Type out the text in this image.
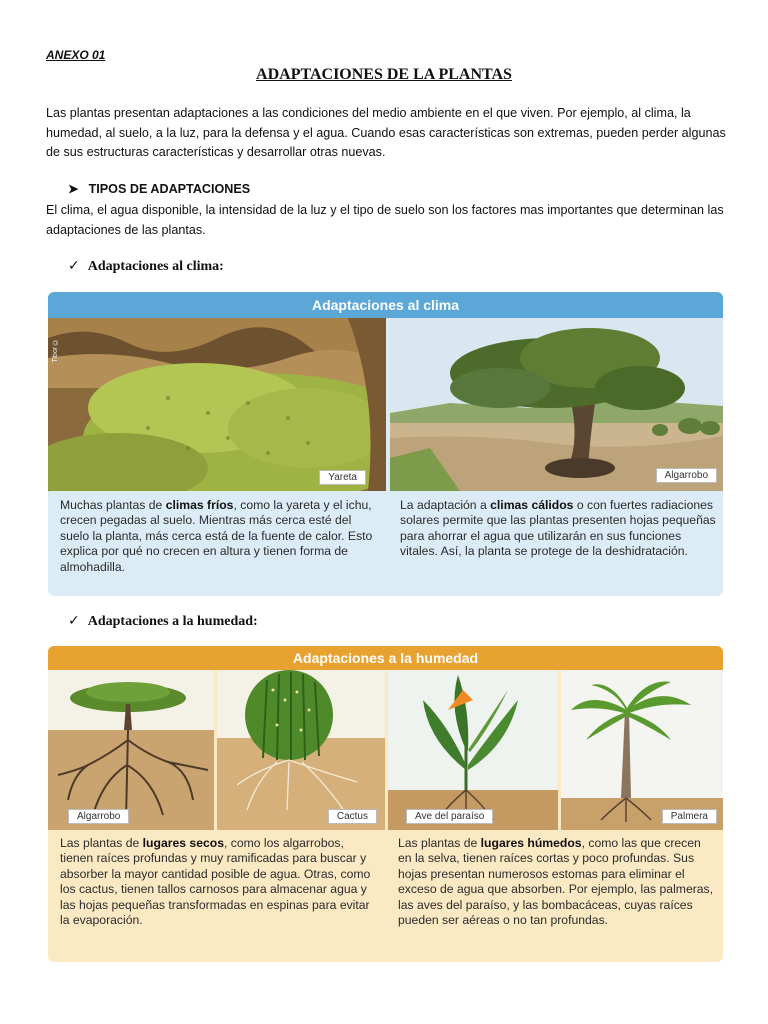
ANEXO 01
ADAPTACIONES DE LA PLANTAS
Las plantas presentan adaptaciones a las condiciones del medio ambiente en el que viven. Por ejemplo, al clima, la humedad, al suelo, a la luz, para la defensa y el agua. Cuando esas características son extremas, pueden perder algunas de sus estructuras características y desarrollar otras nuevas.
➤ TIPOS DE ADAPTACIONES
El clima, el agua disponible, la intensidad de la luz y el tipo de suelo son los factores mas importantes que determinan las adaptaciones de las plantas.
✓ Adaptaciones al clima:
Adaptaciones al clima
Yareta
Tibor ©
Algarrobo
Muchas plantas de climas fríos, como la yareta y el ichu, crecen pegadas al suelo. Mientras más cerca esté del suelo la planta, más cerca está de la fuente de calor. Esto explica por qué no crecen en altura y tienen forma de almohadilla.
La adaptación a climas cálidos o con fuertes radiaciones solares permite que las plantas presenten hojas pequeñas para ahorrar el agua que utilizarán en sus funciones vitales. Así, la planta se protege de la deshidratación.
✓ Adaptaciones a la humedad:
Adaptaciones a la humedad
Algarrobo	Cactus	Ave del paraíso	Palmera
Las plantas de lugares secos, como los algarrobos, tienen raíces profundas y muy ramificadas para buscar y absorber la mayor cantidad posible de agua. Otras, como los cactus, tienen tallos carnosos para almacenar agua y las hojas pequeñas transformadas en espinas para evitar la evaporación.
Las plantas de lugares húmedos, como las que crecen en la selva, tienen raíces cortas y poco profundas. Sus hojas presentan numerosos estomas para eliminar el exceso de agua que absorben. Por ejemplo, las palmeras, las aves del paraíso, y las bombacáceas, cuyas raíces pueden ser aéreas o no tan profundas.
